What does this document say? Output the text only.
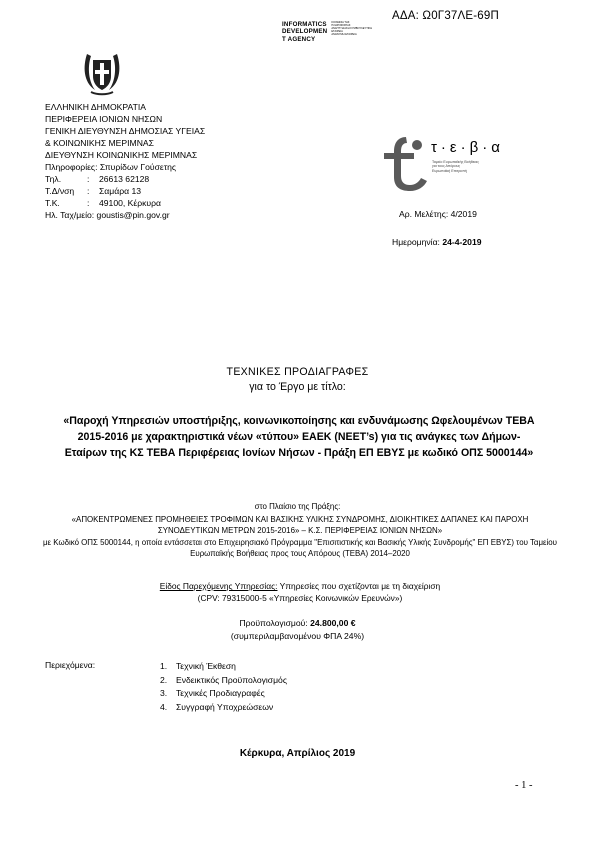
ΑΔΑ: Ω0Γ37ΛΕ-69Π
INFORMATICS
DEVELOPMEN
T AGENCY
ΚΟΙΝΩΝΙΑ ΤΗΣ
ΠΛΗΡΟΦΟΡΙΑΣ
ΑΝΑΠΤΥΞΙΑΚΗ ΣΥΜΒΟΥΛΕΥΤΙΚΗ
ΕΤΑΙΡΕΙΑ
ΑΝΩΝΥΜΗ ΕΤΑΙΡΕΙΑ
ΕΛΛΗΝΙΚΗ ΔΗΜΟΚΡΑΤΙΑ
ΠΕΡΙΦΕΡΕΙΑ ΙΟΝΙΩΝ ΝΗΣΩΝ
ΓΕΝΙΚΗ ΔΙΕΥΘΥΝΣΗ ΔΗΜΟΣΙΑΣ ΥΓΕΙΑΣ
& ΚΟΙΝΩΝΙΚΗΣ ΜΕΡΙΜΝΑΣ
ΔΙΕΥΘΥΝΣΗ ΚΟΙΝΩΝΙΚΗΣ ΜΕΡΙΜΝΑΣ
Πληροφορίες: Σπυρίδων Γούσετης
Τηλ.	:	26613 62128
Τ.Δ/νση	:	Σαμάρα 13
Τ.Κ.	:	49100, Κέρκυρα
Ηλ. Ταχ/μείο: goustis@pin.gov.gr
τ·ε·β·α
Ταμείο Ευρωπαϊκής Βοήθειας
για τους Απόρους
Ευρωπαϊκή Επιτροπή
Αρ. Μελέτης: 4/2019
Ημερομηνία: 24-4-2019
ΤΕΧΝΙΚΕΣ ΠΡΟΔΙΑΓΡΑΦΕΣ
για το Έργο με τίτλο:
«Παροχή Υπηρεσιών υποστήριξης, κοινωνικοποίησης και ενδυνάμωσης Ωφελουμένων ΤΕΒΑ 2015-2016 με χαρακτηριστικά νέων «τύπου» ΕΑΕΚ (NEET’s) για τις ανάγκες των Δήμων-Εταίρων της ΚΣ ΤΕΒΑ Περιφέρειας Ιονίων Νήσων - Πράξη ΕΠ ΕΒΥΣ με κωδικό ΟΠΣ 5000144»
στο Πλαίσιο της Πράξης:
«ΑΠΟΚΕΝΤΡΩΜΕΝΕΣ ΠΡΟΜΗΘΕΙΕΣ ΤΡΟΦΙΜΩΝ ΚΑΙ ΒΑΣΙΚΗΣ ΥΛΙΚΗΣ ΣΥΝΔΡΟΜΗΣ, ΔΙΟΙΚΗΤΙΚΕΣ ΔΑΠΑΝΕΣ ΚΑΙ ΠΑΡΟΧΗ ΣΥΝΟΔΕΥΤΙΚΩΝ ΜΕΤΡΩΝ 2015-2016» – Κ.Σ. ΠΕΡΙΦΕΡΕΙΑΣ ΙΟΝΙΩΝ ΝΗΣΩΝ»
με Κωδικό ΟΠΣ 5000144, η οποία εντάσσεται στο Επιχειρησιακό Πρόγραμμα "Επισιτιστικής και Βασικής Υλικής Συνδρομής" ΕΠ ΕΒΥΣ) του Ταμείου Ευρωπαϊκής Βοήθειας προς τους Απόρους (ΤΕΒΑ) 2014–2020
Είδος Παρεχόμενης Υπηρεσίας: Υπηρεσίες που σχετίζονται με τη διαχείριση
(CPV: 79315000-5 «Υπηρεσίες Κοινωνικών Ερευνών»)
Προϋπολογισμού: 24.800,00 €
(συμπεριλαμβανομένου ΦΠΑ 24%)
Περιεχόμενα:	1.	Τεχνική Έκθεση
2.	Ενδεικτικός Προϋπολογισμός
3.	Τεχνικές Προδιαγραφές
4.	Συγγραφή Υποχρεώσεων
Κέρκυρα, Απρίλιος 2019
- 1 -
